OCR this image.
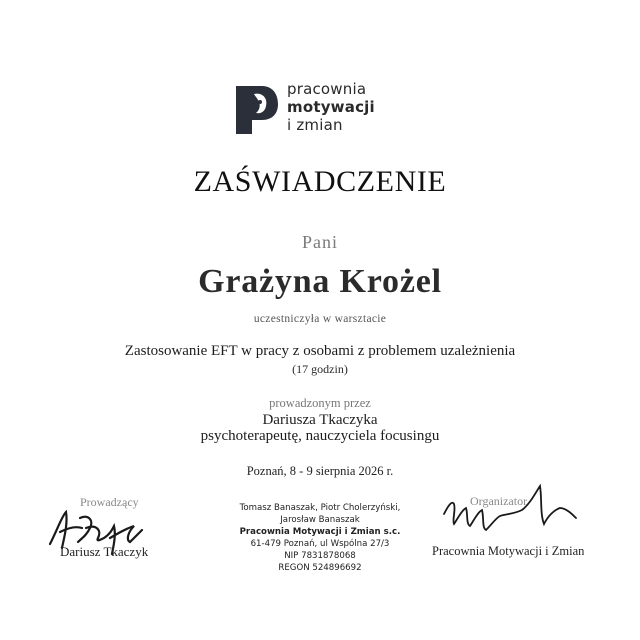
pracownia
motywacji
i zmian
ZAŚWIADCZENIE
Pani
Grażyna Krożel
uczestniczyła w warsztacie
Zastosowanie EFT w pracy z osobami z problemem uzależnienia
(17 godzin)
prowadzonym przez
Dariusza Tkaczyka
psychoterapeutę, nauczyciela focusingu
Poznań, 8 - 9 sierpnia 2026 r.
Prowadzący
Dariusz Tkaczyk
Tomasz Banaszak, Piotr Cholerzyński,
Jarosław Banaszak
Pracownia Motywacji i Zmian s.c.
61-479 Poznań, ul Wspólna 27/3
NIP 7831878068
REGON 524896692
Organizator
Pracownia Motywacji i Zmian
